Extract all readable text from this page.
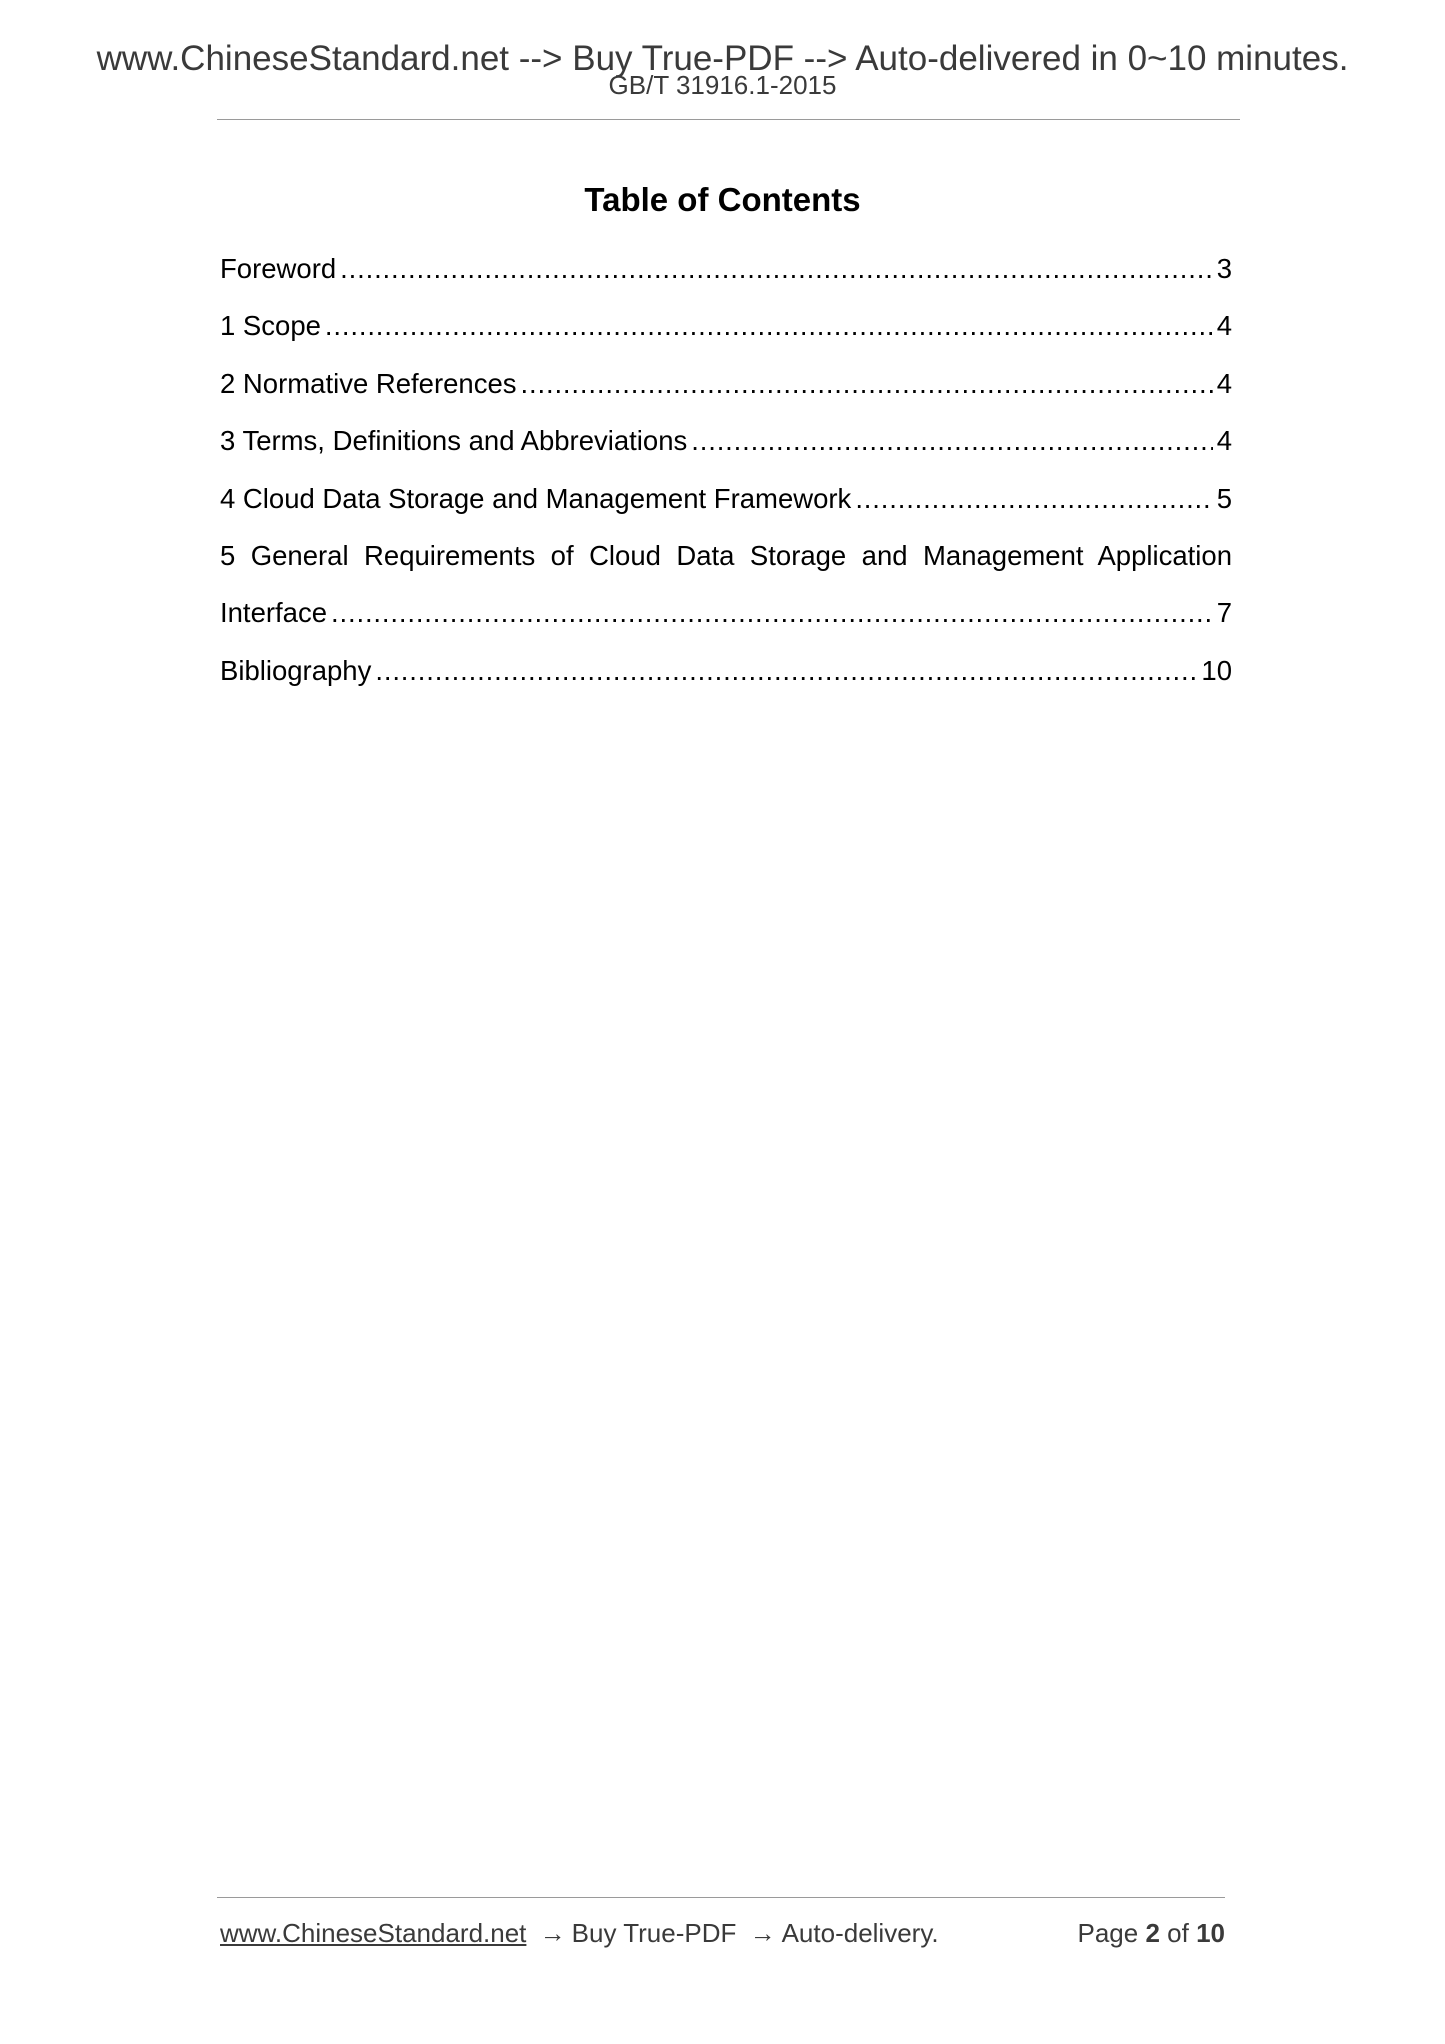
www.ChineseStandard.net --> Buy True-PDF --> Auto-delivered in 0~10 minutes.
GB/T 31916.1-2015
Table of Contents
Foreword . . .	3
1 Scope . . .	4
2 Normative References . . .	4
3 Terms, Definitions and Abbreviations . . .	4
4 Cloud Data Storage and Management Framework . . .	5
5 General Requirements of Cloud Data Storage and Management Application
Interface . . .	7
Bibliography . . .	10
www.ChineseStandard.net → Buy True-PDF → Auto-delivery.	Page 2 of 10
